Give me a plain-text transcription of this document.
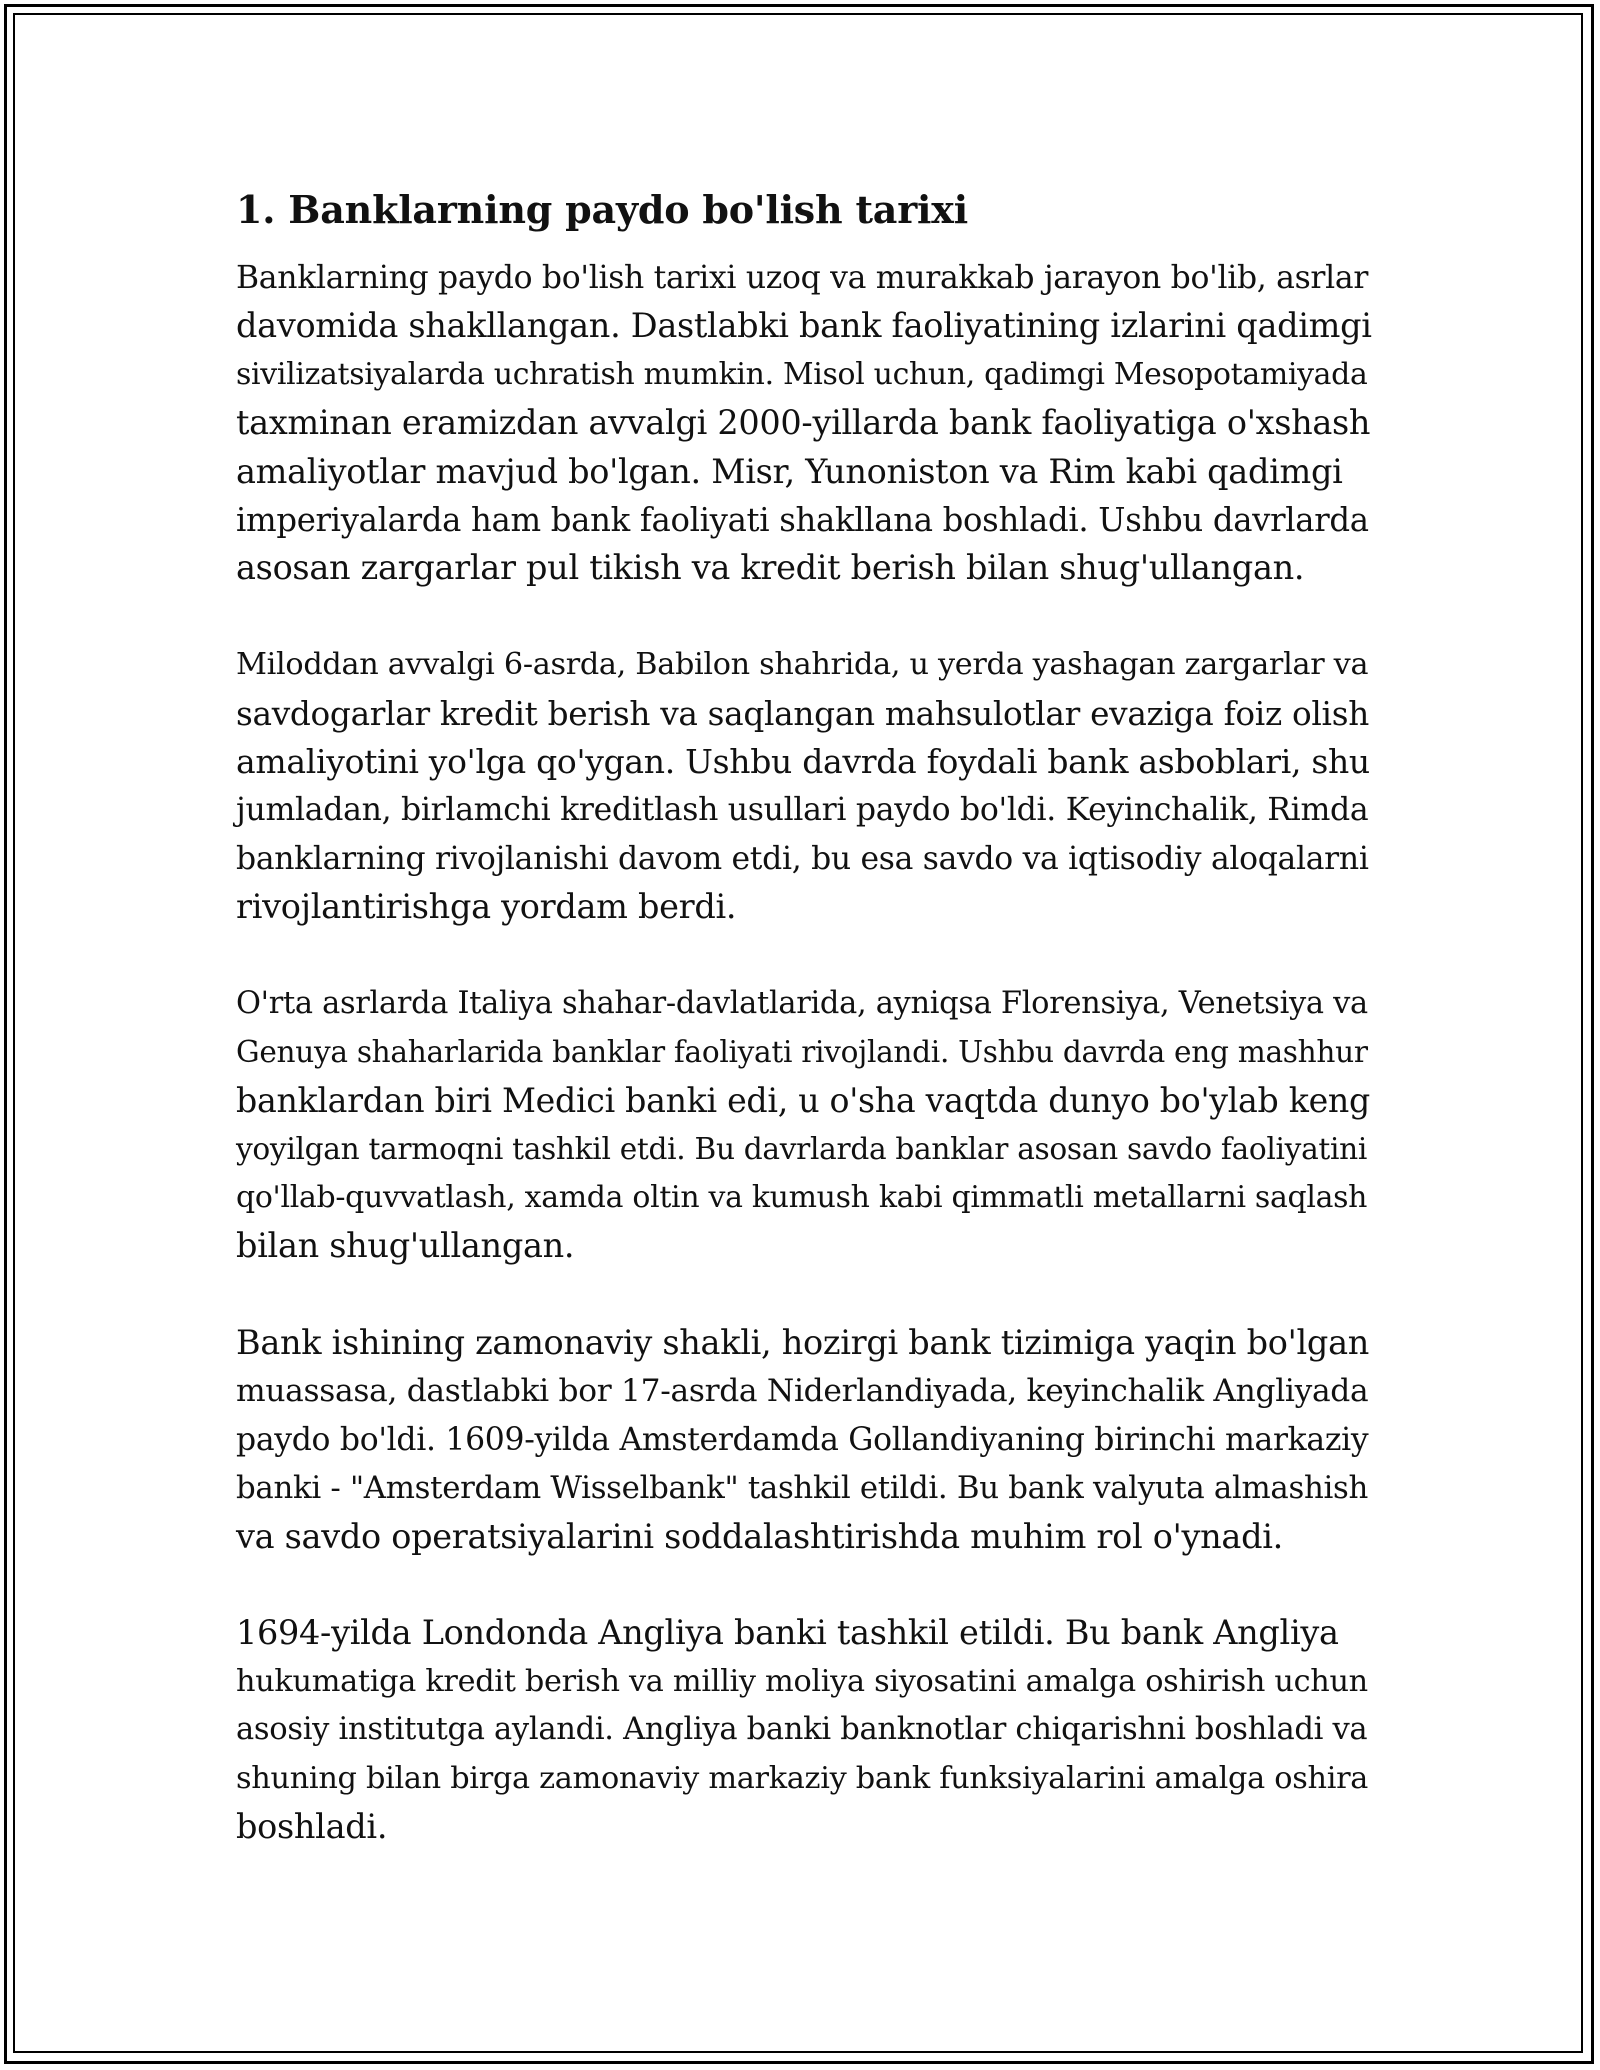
1. Banklarning paydo bo'lish tarixi

Banklarning paydo bo'lish tarixi uzoq va murakkab jarayon bo'lib, asrlar
davomida shakllangan. Dastlabki bank faoliyatining izlarini qadimgi
sivilizatsiyalarda uchratish mumkin. Misol uchun, qadimgi Mesopotamiyada
taxminan eramizdan avvalgi 2000-yillarda bank faoliyatiga o'xshash
amaliyotlar mavjud bo'lgan. Misr, Yunoniston va Rim kabi qadimgi
imperiyalarda ham bank faoliyati shakllana boshladi. Ushbu davrlarda
asosan zargarlar pul tikish va kredit berish bilan shug'ullangan.

Miloddan avvalgi 6-asrda, Babilon shahrida, u yerda yashagan zargarlar va
savdogarlar kredit berish va saqlangan mahsulotlar evaziga foiz olish
amaliyotini yo'lga qo'ygan. Ushbu davrda foydali bank asboblari, shu
jumladan, birlamchi kreditlash usullari paydo bo'ldi. Keyinchalik, Rimda
banklarning rivojlanishi davom etdi, bu esa savdo va iqtisodiy aloqalarni
rivojlantirishga yordam berdi.

O'rta asrlarda Italiya shahar-davlatlarida, ayniqsa Florensiya, Venetsiya va
Genuya shaharlarida banklar faoliyati rivojlandi. Ushbu davrda eng mashhur
banklardan biri Medici banki edi, u o'sha vaqtda dunyo bo'ylab keng
yoyilgan tarmoqni tashkil etdi. Bu davrlarda banklar asosan savdo faoliyatini
qo'llab-quvvatlash, xamda oltin va kumush kabi qimmatli metallarni saqlash
bilan shug'ullangan.

Bank ishining zamonaviy shakli, hozirgi bank tizimiga yaqin bo'lgan
muassasa, dastlabki bor 17-asrda Niderlandiyada, keyinchalik Angliyada
paydo bo'ldi. 1609-yilda Amsterdamda Gollandiyaning birinchi markaziy
banki - "Amsterdam Wisselbank" tashkil etildi. Bu bank valyuta almashish
va savdo operatsiyalarini soddalashtirishda muhim rol o'ynadi.

1694-yilda Londonda Angliya banki tashkil etildi. Bu bank Angliya
hukumatiga kredit berish va milliy moliya siyosatini amalga oshirish uchun
asosiy institutga aylandi. Angliya banki banknotlar chiqarishni boshladi va
shuning bilan birga zamonaviy markaziy bank funksiyalarini amalga oshira
boshladi.
